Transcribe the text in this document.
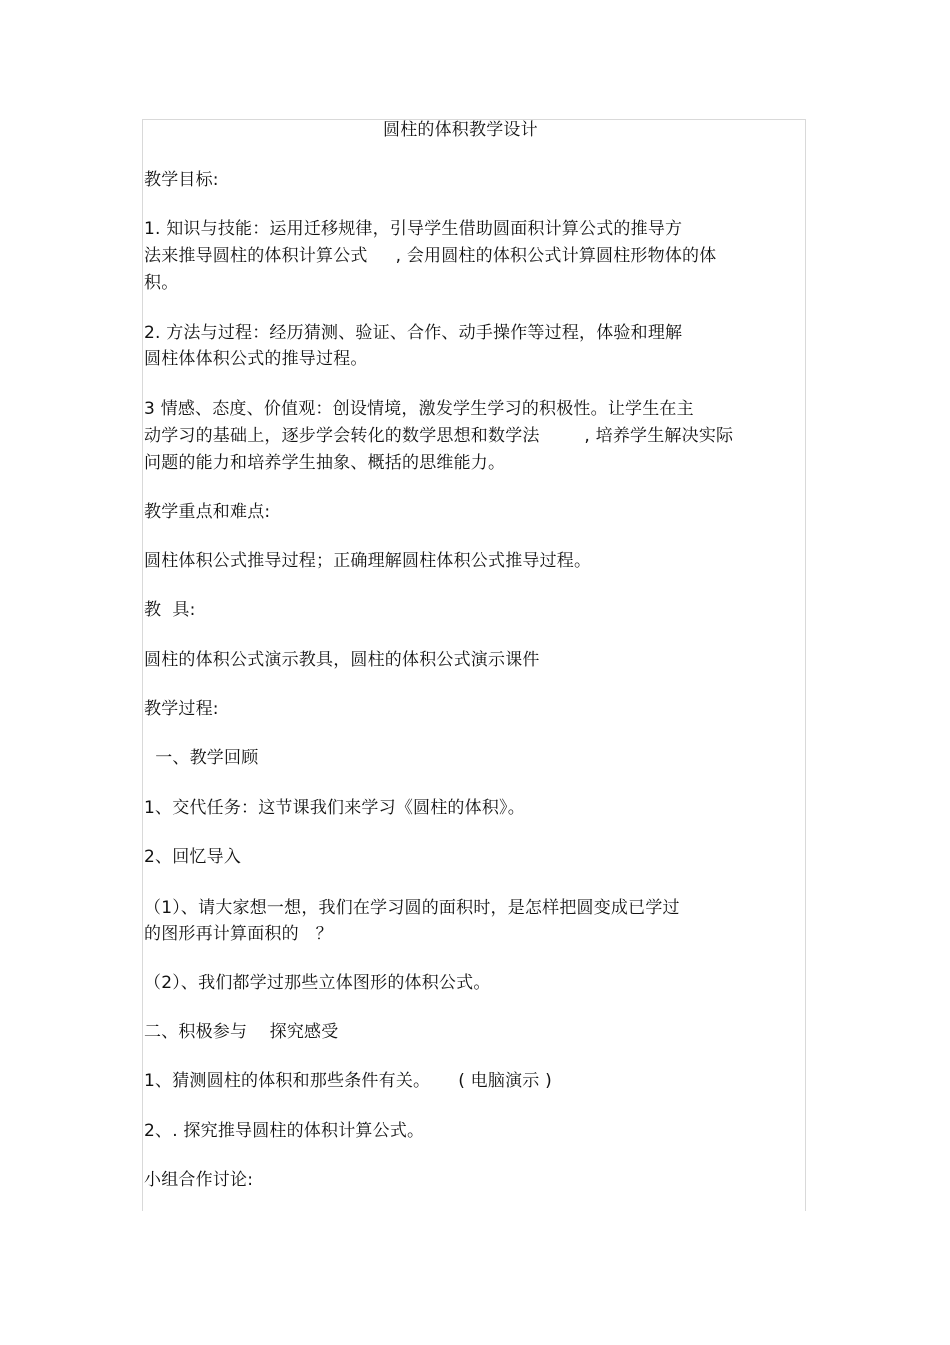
圆柱的体积教学设计
教学目标:
1. 知识与技能：运用迁移规律，引导学生借助圆面积计算公式的推导方
法来推导圆柱的体积计算公式     , 会用圆柱的体积公式计算圆柱形物体的体
积。
2. 方法与过程：经历猜测、验证、合作、动手操作等过程，体验和理解
圆柱体体积公式的推导过程。
3 情感、态度、价值观：创设情境，激发学生学习的积极性。让学生在主
动学习的基础上，逐步学会转化的数学思想和数学法        , 培养学生解决实际
问题的能力和培养学生抽象、概括的思维能力。
教学重点和难点:
圆柱体积公式推导过程；正确理解圆柱体积公式推导过程。
教  具:
圆柱的体积公式演示教具，圆柱的体积公式演示课件
教学过程:
一、教学回顾
1、交代任务：这节课我们来学习《圆柱的体积》。
2、回忆导入
（1）、请大家想一想，我们在学习圆的面积时，是怎样把圆变成已学过
的图形再计算面积的   ？
（2）、我们都学过那些立体图形的体积公式。
二、积极参与    探究感受
1、猜测圆柱的体积和那些条件有关。     ( 电脑演示 )
2、. 探究推导圆柱的体积计算公式。
小组合作讨论:
